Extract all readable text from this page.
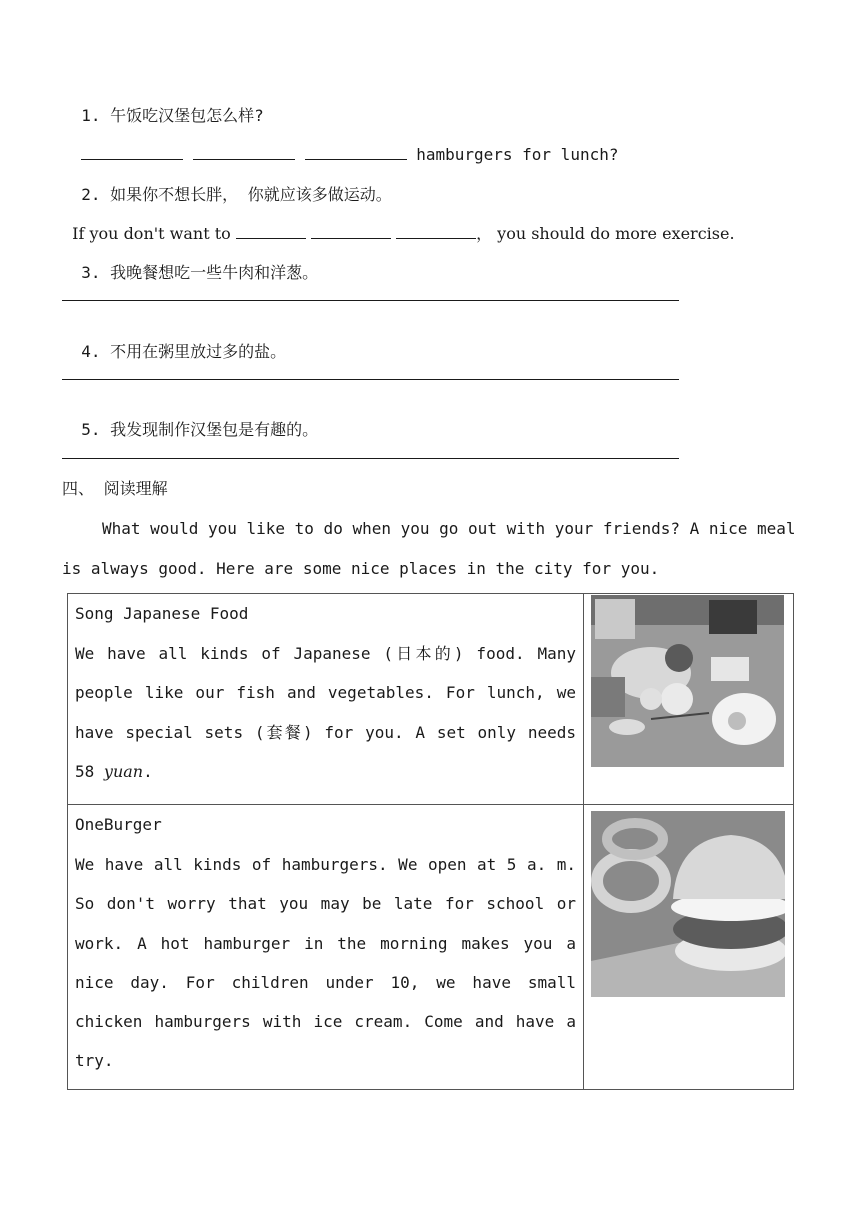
1. 午饭吃汉堡包怎么样?

hamburgers for lunch?

2. 如果你不想长胖， 你就应该多做运动。

If you don't want to	， you should do more exercise.

3. 我晚餐想吃一些牛肉和洋葱。

4. 不用在粥里放过多的盐。

5. 我发现制作汉堡包是有趣的。

四、 阅读理解
What would you like to do when you go out with your friends? A nice meal is always good. Here are some nice places in the city for you.
Song Japanese Food
We have all kinds of Japanese (日本的) food. Many people like our fish and vegetables. For lunch, we have special sets (套餐) for you. A set only needs 58 yuan.

OneBurger
We have all kinds of hamburgers. We open at 5 a. m. So don't worry that you may be late for school or work. A hot hamburger in the morning makes you a nice day. For children under 10, we have small chicken hamburgers with ice cream. Come and have a try.
